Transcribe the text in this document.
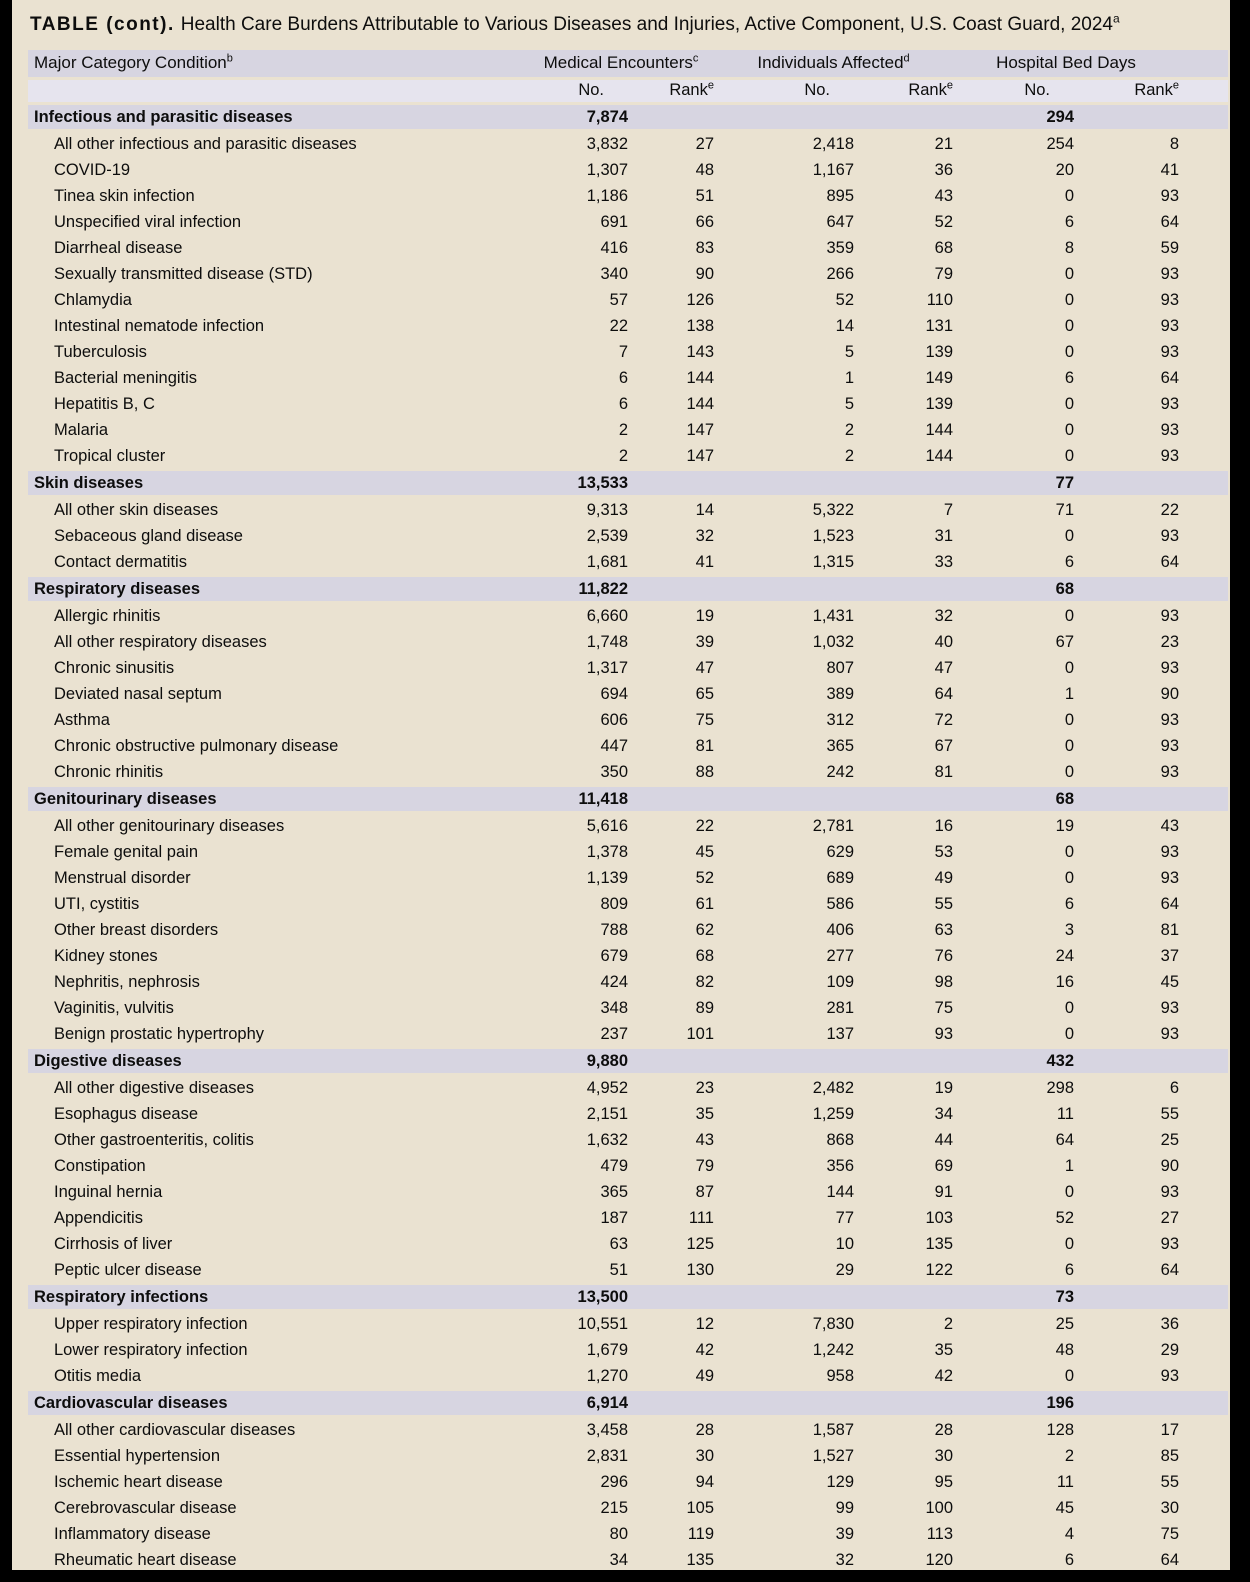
TABLE (cont). Health Care Burdens Attributable to Various Diseases and Injuries, Active Component, U.S. Coast Guard, 2024$^a$
Major Category Condition$^b$	Medical Encounters$^c$		Individuals Affected$^d$		Hospital Bed Days		
	No.	Rank$^e$	No.	Rank$^e$	No.	Rank$^e$	
Infectious and parasitic diseases	7,874				294		
All other infectious and parasitic diseases	3,832	27	2,418	21	254	8	
COVID-19	1,307	48	1,167	36	20	41	
Tinea skin infection	1,186	51	895	43	0	93	
Unspecified viral infection	691	66	647	52	6	64	
Diarrheal disease	416	83	359	68	8	59	
Sexually transmitted disease (STD)	340	90	266	79	0	93	
Chlamydia	57	126	52	110	0	93	
Intestinal nematode infection	22	138	14	131	0	93	
Tuberculosis	7	143	5	139	0	93	
Bacterial meningitis	6	144	1	149	6	64	
Hepatitis B, C	6	144	5	139	0	93	
Malaria	2	147	2	144	0	93	
Tropical cluster	2	147	2	144	0	93	
Skin diseases	13,533				77		
All other skin diseases	9,313	14	5,322	7	71	22	
Sebaceous gland disease	2,539	32	1,523	31	0	93	
Contact dermatitis	1,681	41	1,315	33	6	64	
Respiratory diseases	11,822				68		
Allergic rhinitis	6,660	19	1,431	32	0	93	
All other respiratory diseases	1,748	39	1,032	40	67	23	
Chronic sinusitis	1,317	47	807	47	0	93	
Deviated nasal septum	694	65	389	64	1	90	
Asthma	606	75	312	72	0	93	
Chronic obstructive pulmonary disease	447	81	365	67	0	93	
Chronic rhinitis	350	88	242	81	0	93	
Genitourinary diseases	11,418				68		
All other genitourinary diseases	5,616	22	2,781	16	19	43	
Female genital pain	1,378	45	629	53	0	93	
Menstrual disorder	1,139	52	689	49	0	93	
UTI, cystitis	809	61	586	55	6	64	
Other breast disorders	788	62	406	63	3	81	
Kidney stones	679	68	277	76	24	37	
Nephritis, nephrosis	424	82	109	98	16	45	
Vaginitis, vulvitis	348	89	281	75	0	93	
Benign prostatic hypertrophy	237	101	137	93	0	93	
Digestive diseases	9,880				432		
All other digestive diseases	4,952	23	2,482	19	298	6	
Esophagus disease	2,151	35	1,259	34	11	55	
Other gastroenteritis, colitis	1,632	43	868	44	64	25	
Constipation	479	79	356	69	1	90	
Inguinal hernia	365	87	144	91	0	93	
Appendicitis	187	111	77	103	52	27	
Cirrhosis of liver	63	125	10	135	0	93	
Peptic ulcer disease	51	130	29	122	6	64	
Respiratory infections	13,500				73		
Upper respiratory infection	10,551	12	7,830	2	25	36	
Lower respiratory infection	1,679	42	1,242	35	48	29	
Otitis media	1,270	49	958	42	0	93	
Cardiovascular diseases	6,914				196		
All other cardiovascular diseases	3,458	28	1,587	28	128	17	
Essential hypertension	2,831	30	1,527	30	2	85	
Ischemic heart disease	296	94	129	95	11	55	
Cerebrovascular disease	215	105	99	100	45	30	
Inflammatory disease	80	119	39	113	4	75	
Rheumatic heart disease	34	135	32	120	6	64	
